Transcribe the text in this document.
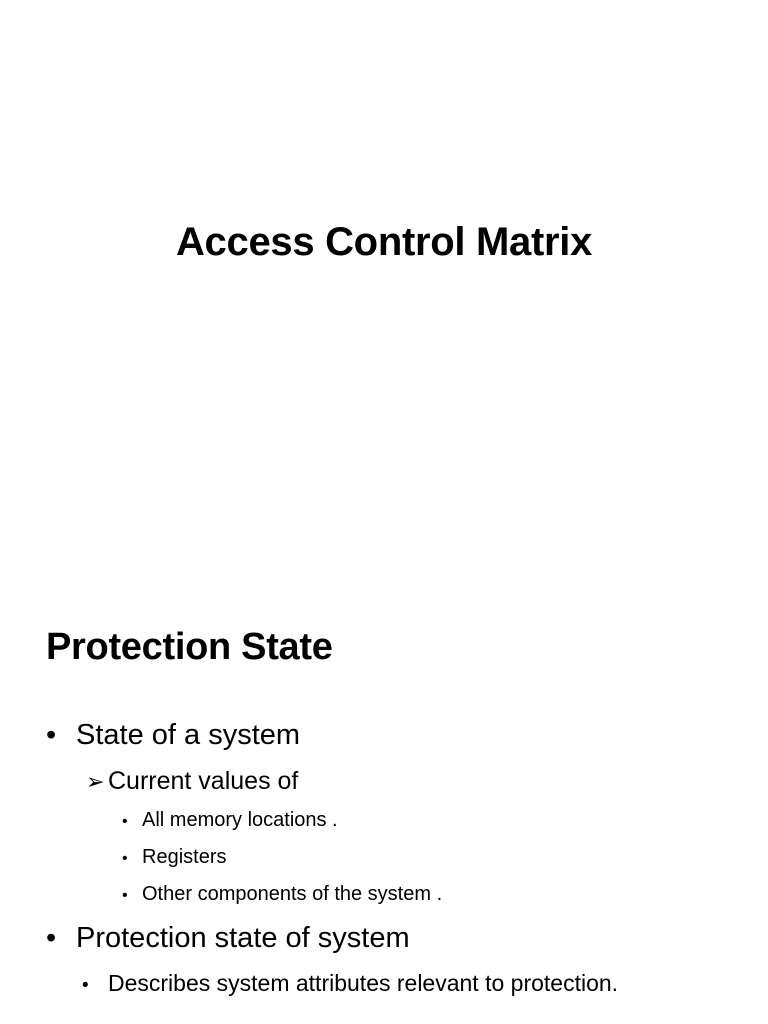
Access Control Matrix
Protection State
• State of a system
➢ Current values of
• All memory locations .
• Registers
• Other components of the system .
• Protection state of system
• Describes system attributes relevant to protection.
